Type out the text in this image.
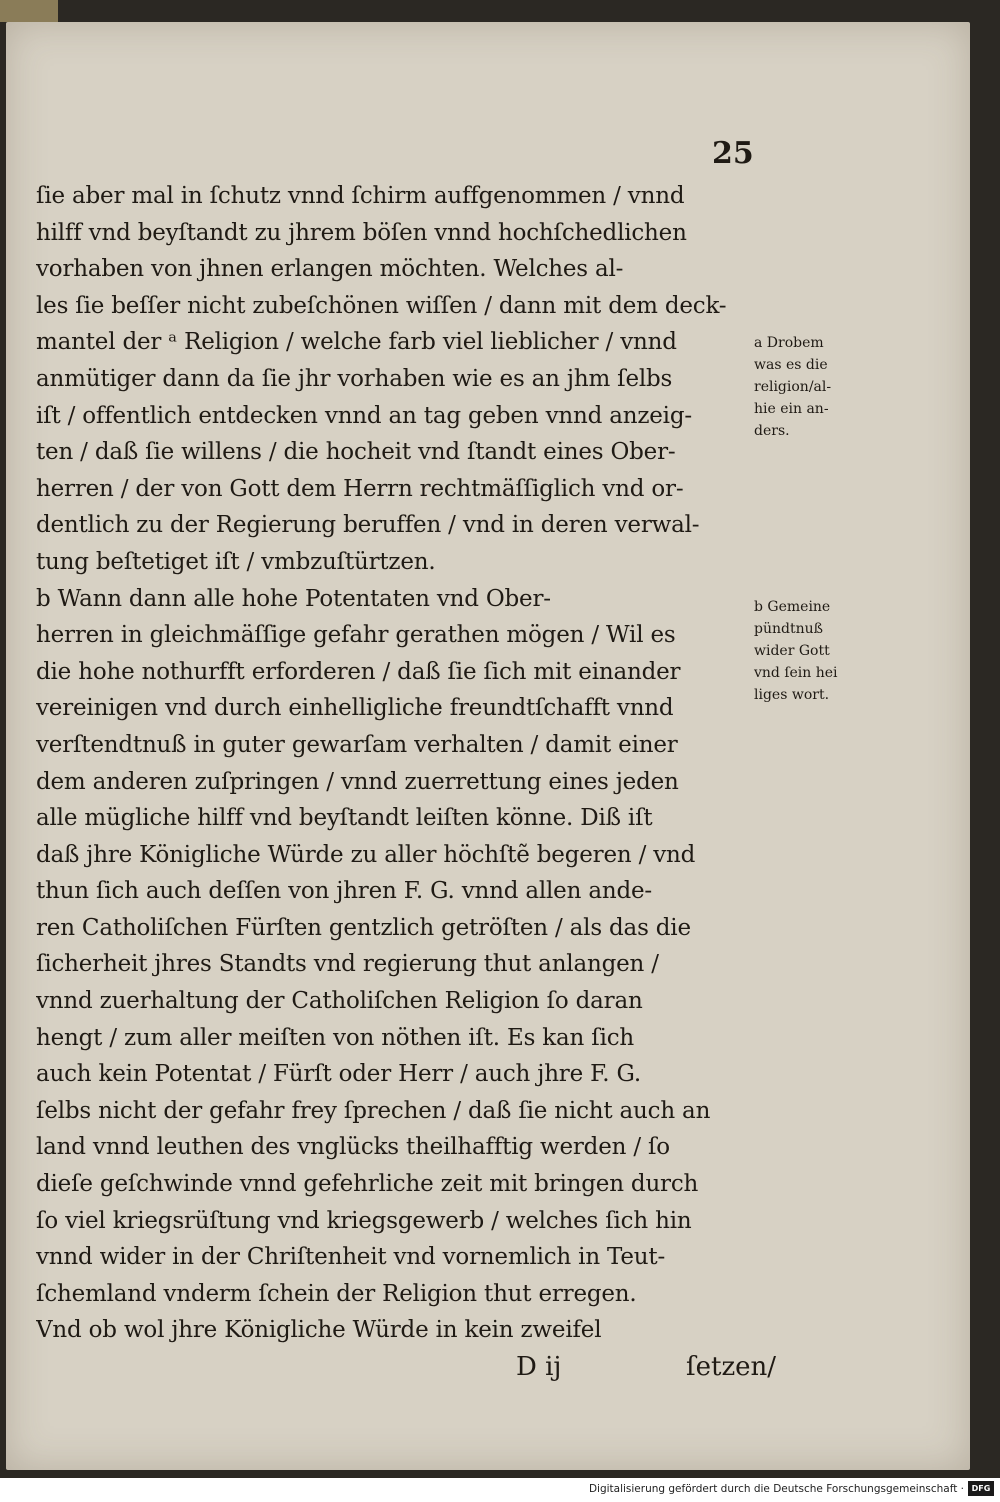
25
ſie aber mal in ſchutz vnnd ſchirm auffgenommen / vnnd
hilff vnd beyſtandt zu jhrem böſen vnnd hochſchedlichen
vorhaben von jhnen erlangen möchten. Welches al-
les ſie beſſer nicht zubeſchönen wiſſen / dann mit dem deck-
mantel der ᵃ Religion / welche farb viel lieblicher / vnnd
anmütiger dann da ſie jhr vorhaben wie es an jhm ſelbs
iſt / offentlich entdecken vnnd an tag geben vnnd anzeig-
ten / daß ſie willens / die hocheit vnd ſtandt eines Ober-
herren / der von Gott dem Herrn rechtmäſſiglich vnd or-
dentlich zu der Regierung beruffen / vnd in deren verwal-
tung beſtetiget iſt / vmbzuſtürtzen.
b Wann dann alle hohe Potentaten vnd Ober-
herren in gleichmäſſige gefahr gerathen mögen / Wil es
die hohe nothurfft erforderen / daß ſie ſich mit einander
vereinigen vnd durch einhelligliche freundtſchafft vnnd
verſtendtnuß in guter gewarſam verhalten / damit einer
dem anderen zuſpringen / vnnd zuerrettung eines jeden
alle mügliche hilff vnd beyſtandt leiſten könne. Diß iſt
daß jhre Königliche Würde zu aller höchſtẽ begeren / vnd
thun ſich auch deſſen von jhren F. G. vnnd allen ande-
ren Catholiſchen Fürſten gentzlich getröſten / als das die
ſicherheit jhres Standts vnd regierung thut anlangen /
vnnd zuerhaltung der Catholiſchen Religion ſo daran
hengt / zum aller meiſten von nöthen iſt. Es kan ſich
auch kein Potentat / Fürſt oder Herr / auch jhre F. G.
ſelbs nicht der gefahr frey ſprechen / daß ſie nicht auch an
land vnnd leuthen des vnglücks theilhafftig werden / ſo
dieſe geſchwinde vnnd gefehrliche zeit mit bringen durch
ſo viel kriegsrüſtung vnd kriegsgewerb / welches ſich hin
vnnd wider in der Chriſtenheit vnd vornemlich in Teut-
ſchemland vnderm ſchein der Religion thut erregen.
Vnd ob wol jhre Königliche Würde in kein zweifel
a Drobem
was es die
religion/al-
hie ein an-
ders.
b Gemeine
pündtnuß
wider Gott
vnd ſein hei
liges wort.
D ij	ſetzen/
Digitalisierung gefördert durch die Deutsche Forschungsgemeinschaft · DFG
